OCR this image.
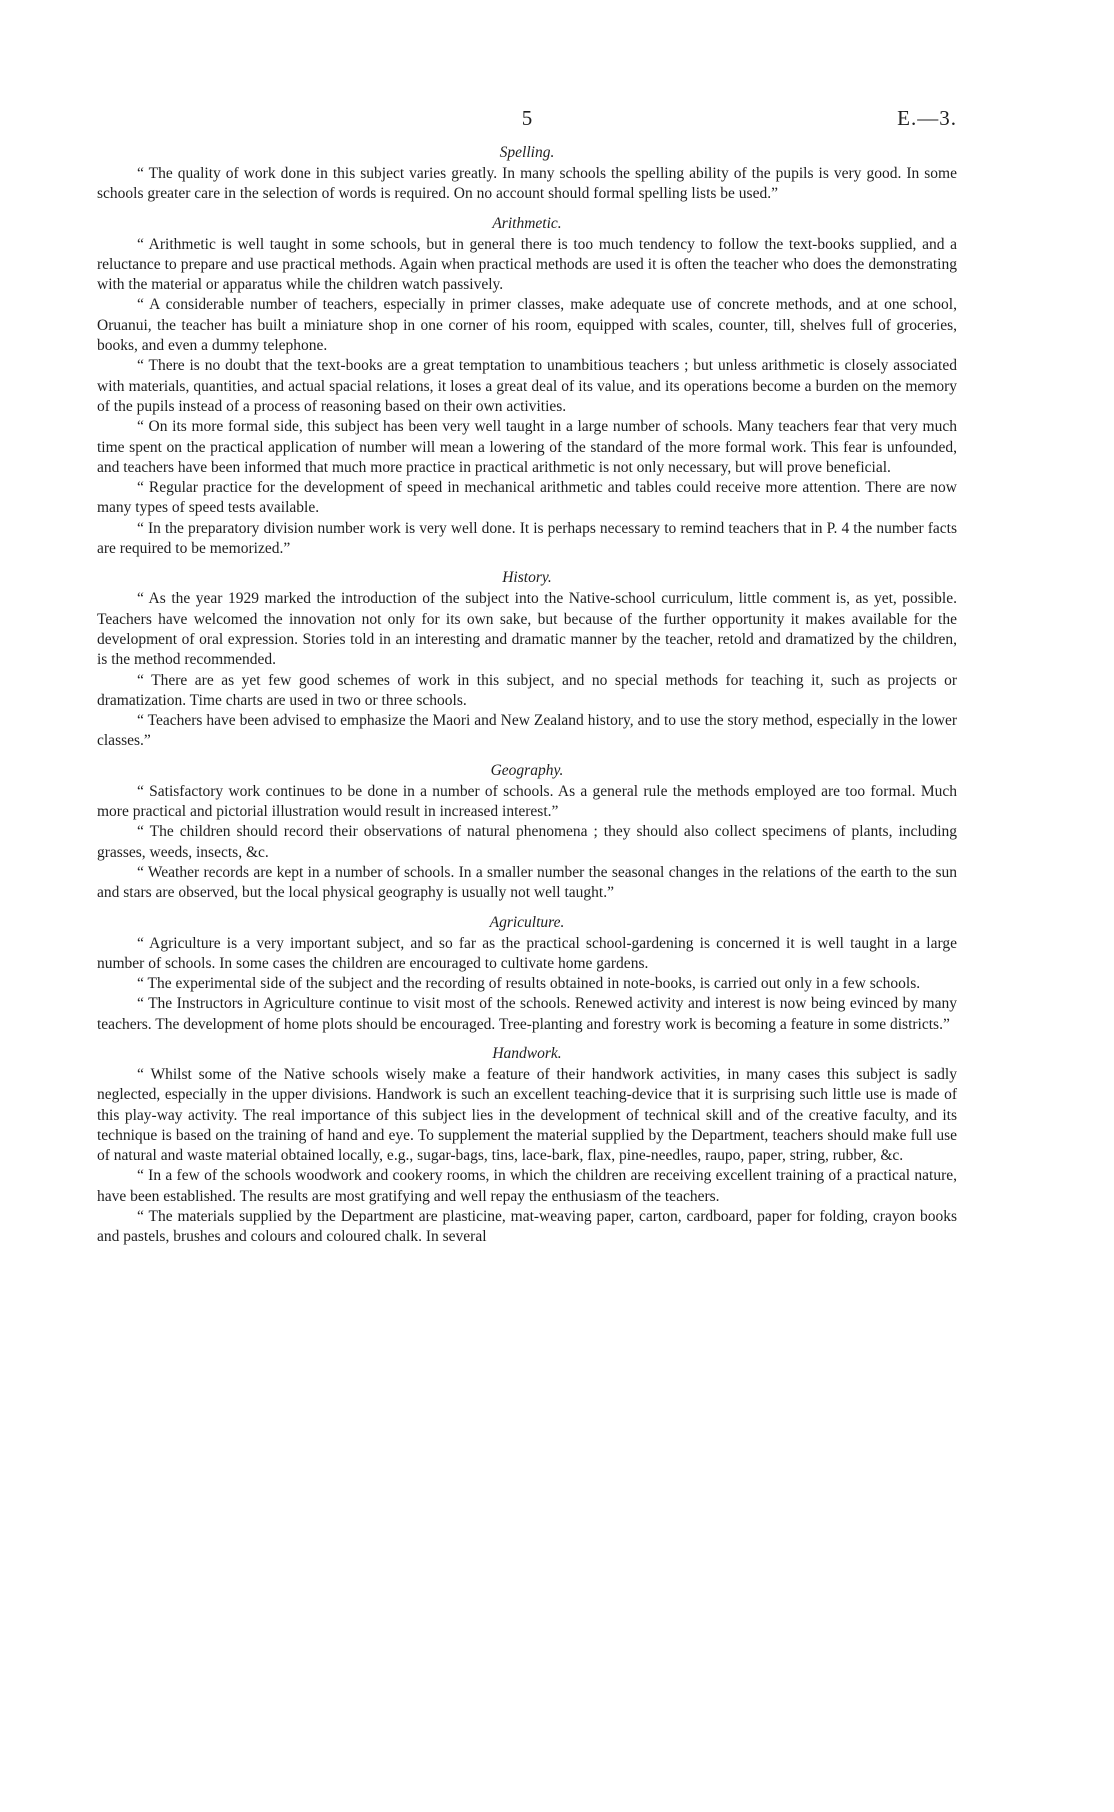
5	E.—3.
Spelling.

“ The quality of work done in this subject varies greatly. In many schools the spelling ability of the pupils is very good. In some schools greater care in the selection of words is required. On no account should formal spelling lists be used.”

Arithmetic.

“ Arithmetic is well taught in some schools, but in general there is too much tendency to follow the text-books supplied, and a reluctance to prepare and use practical methods. Again when practical methods are used it is often the teacher who does the demonstrating with the material or apparatus while the children watch passively.

“ A considerable number of teachers, especially in primer classes, make adequate use of concrete methods, and at one school, Oruanui, the teacher has built a miniature shop in one corner of his room, equipped with scales, counter, till, shelves full of groceries, books, and even a dummy telephone.

“ There is no doubt that the text-books are a great temptation to unambitious teachers ; but unless arithmetic is closely associated with materials, quantities, and actual spacial relations, it loses a great deal of its value, and its operations become a burden on the memory of the pupils instead of a process of reasoning based on their own activities.

“ On its more formal side, this subject has been very well taught in a large number of schools. Many teachers fear that very much time spent on the practical application of number will mean a lowering of the standard of the more formal work. This fear is unfounded, and teachers have been informed that much more practice in practical arithmetic is not only necessary, but will prove beneficial.

“ Regular practice for the development of speed in mechanical arithmetic and tables could receive more attention. There are now many types of speed tests available.

“ In the preparatory division number work is very well done. It is perhaps necessary to remind teachers that in P. 4 the number facts are required to be memorized.”

History.

“ As the year 1929 marked the introduction of the subject into the Native-school curriculum, little comment is, as yet, possible. Teachers have welcomed the innovation not only for its own sake, but because of the further opportunity it makes available for the development of oral expression. Stories told in an interesting and dramatic manner by the teacher, retold and dramatized by the children, is the method recommended.

“ There are as yet few good schemes of work in this subject, and no special methods for teaching it, such as projects or dramatization. Time charts are used in two or three schools.

“ Teachers have been advised to emphasize the Maori and New Zealand history, and to use the story method, especially in the lower classes.”

Geography.

“ Satisfactory work continues to be done in a number of schools. As a general rule the methods employed are too formal. Much more practical and pictorial illustration would result in increased interest.”

“ The children should record their observations of natural phenomena ; they should also collect specimens of plants, including grasses, weeds, insects, &c.

“ Weather records are kept in a number of schools. In a smaller number the seasonal changes in the relations of the earth to the sun and stars are observed, but the local physical geography is usually not well taught.”

Agriculture.

“ Agriculture is a very important subject, and so far as the practical school-gardening is concerned it is well taught in a large number of schools. In some cases the children are encouraged to cultivate home gardens.

“ The experimental side of the subject and the recording of results obtained in note-books, is carried out only in a few schools.

“ The Instructors in Agriculture continue to visit most of the schools. Renewed activity and interest is now being evinced by many teachers. The development of home plots should be encouraged. Tree-planting and forestry work is becoming a feature in some districts.”

Handwork.

“ Whilst some of the Native schools wisely make a feature of their handwork activities, in many cases this subject is sadly neglected, especially in the upper divisions. Handwork is such an excellent teaching-device that it is surprising such little use is made of this play-way activity. The real importance of this subject lies in the development of technical skill and of the creative faculty, and its technique is based on the training of hand and eye. To supplement the material supplied by the Department, teachers should make full use of natural and waste material obtained locally, e.g., sugar-bags, tins, lace-bark, flax, pine-needles, raupo, paper, string, rubber, &c.

“ In a few of the schools woodwork and cookery rooms, in which the children are receiving excellent training of a practical nature, have been established. The results are most gratifying and well repay the enthusiasm of the teachers.

“ The materials supplied by the Department are plasticine, mat-weaving paper, carton, cardboard, paper for folding, crayon books and pastels, brushes and colours and coloured chalk. In several
